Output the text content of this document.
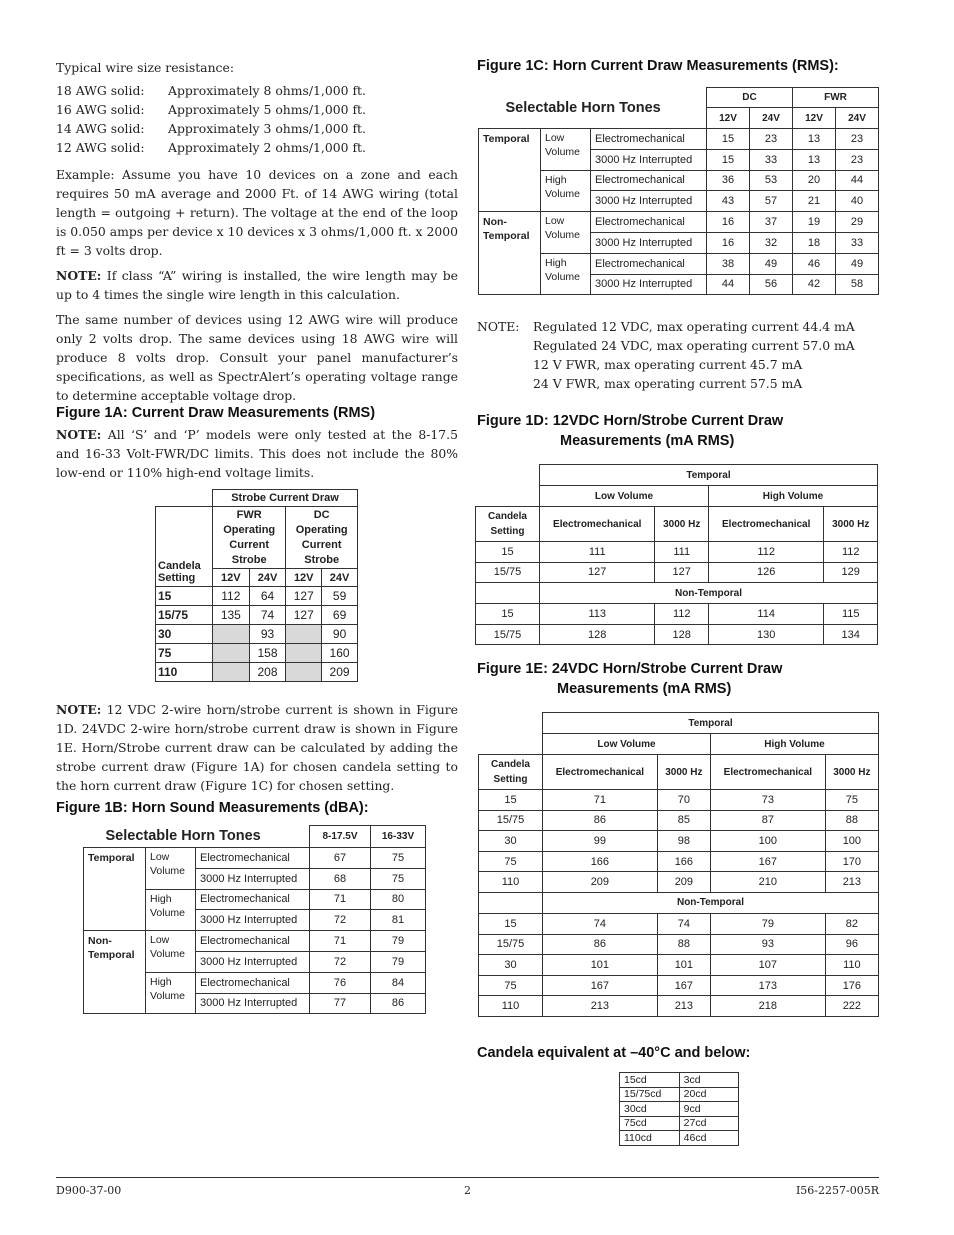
Typical wire size resistance:
18 AWG solid:	Approximately 8 ohms/1,000 ft.
16 AWG solid:	Approximately 5 ohms/1,000 ft.
14 AWG solid:	Approximately 3 ohms/1,000 ft.
12 AWG solid:	Approximately 2 ohms/1,000 ft.

Example: Assume you have 10 devices on a zone and each requires 50 mA average and 2000 Ft. of 14 AWG wiring (total length = outgoing + return). The voltage at the end of the loop is 0.050 amps per device x 10 devices x 3 ohms/1,000 ft. x 2000 ft = 3 volts drop.

NOTE: If class “A” wiring is installed, the wire length may be up to 4 times the single wire length in this calculation.

The same number of devices using 12 AWG wire will produce only 2 volts drop. The same devices using 18 AWG wire will produce 8 volts drop. Consult your panel manufacturer’s specifications, as well as SpectrAlert’s operating voltage range to determine acceptable voltage drop.

Figure 1A: Current Draw Measurements (RMS)

NOTE: All ‘S’ and ‘P’ models were only tested at the 8-17.5 and 16-33 Volt-FWR/DC limits. This does not include the 80% low-end or 110% high-end voltage limits.

	Strobe Current Draw			
Candela Setting	FWR Operating Current Strobe		DC Operating Current Strobe	
	12V	24V	12V	24V
15	112	64	127	59
15/75	135	74	127	69
30		93		90
75		158		160
110		208		209

NOTE: 12 VDC 2-wire horn/strobe current is shown in Figure 1D. 24VDC 2-wire horn/strobe current draw is shown in Figure 1E. Horn/Strobe current draw can be calculated by adding the strobe current draw (Figure 1A) for chosen candela setting to the horn current draw (Figure 1C) for chosen setting.

Figure 1B: Horn Sound Measurements (dBA):
Selectable Horn Tones			8-17.5V	16-33V
Temporal	Low Volume	Electromechanical	67	75
		3000 Hz Interrupted	68	75
	High Volume	Electromechanical	71	80
		3000 Hz Interrupted	72	81
Non-Temporal	Low Volume	Electromechanical	71	79
		3000 Hz Interrupted	72	79
	High Volume	Electromechanical	76	84
		3000 Hz Interrupted	77	86
Figure 1C: Horn Current Draw Measurements (RMS):
Selectable Horn Tones			DC		FWR	
			12V	24V	12V	24V
Temporal	Low Volume	Electromechanical	15	23	13	23
		3000 Hz Interrupted	15	33	13	23
	High Volume	Electromechanical	36	53	20	44
		3000 Hz Interrupted	43	57	21	40
Non-Temporal	Low Volume	Electromechanical	16	37	19	29
		3000 Hz Interrupted	16	32	18	33
	High Volume	Electromechanical	38	49	46	49
		3000 Hz Interrupted	44	56	42	58
NOTE: Regulated 12 VDC, max operating current 44.4 mA
Regulated 24 VDC, max operating current 57.0 mA
12 V FWR, max operating current 45.7 mA
24 V FWR, max operating current 57.5 mA
Figure 1D: 12VDC Horn/Strobe Current Draw
Measurements (mA RMS)
	Temporal			
	Low Volume		High Volume	
Candela Setting	Electromechanical	3000 Hz	Electromechanical	3000 Hz
15	111	111	112	112
15/75	127	127	126	129
	Non-Temporal			
15	113	112	114	115
15/75	128	128	130	134
Figure 1E: 24VDC Horn/Strobe Current Draw
Measurements (mA RMS)
	Temporal			
	Low Volume		High Volume	
Candela Setting	Electromechanical	3000 Hz	Electromechanical	3000 Hz
15	71	70	73	75
15/75	86	85	87	88
30	99	98	100	100
75	166	166	167	170
110	209	209	210	213
	Non-Temporal			
15	74	74	79	82
15/75	86	88	93	96
30	101	101	107	110
75	167	167	173	176
110	213	213	218	222
Candela equivalent at –40°C and below:
15cd	3cd
15/75cd	20cd
30cd	9cd
75cd	27cd
110cd	46cd
D900-37-00	2	I56-2257-005R
